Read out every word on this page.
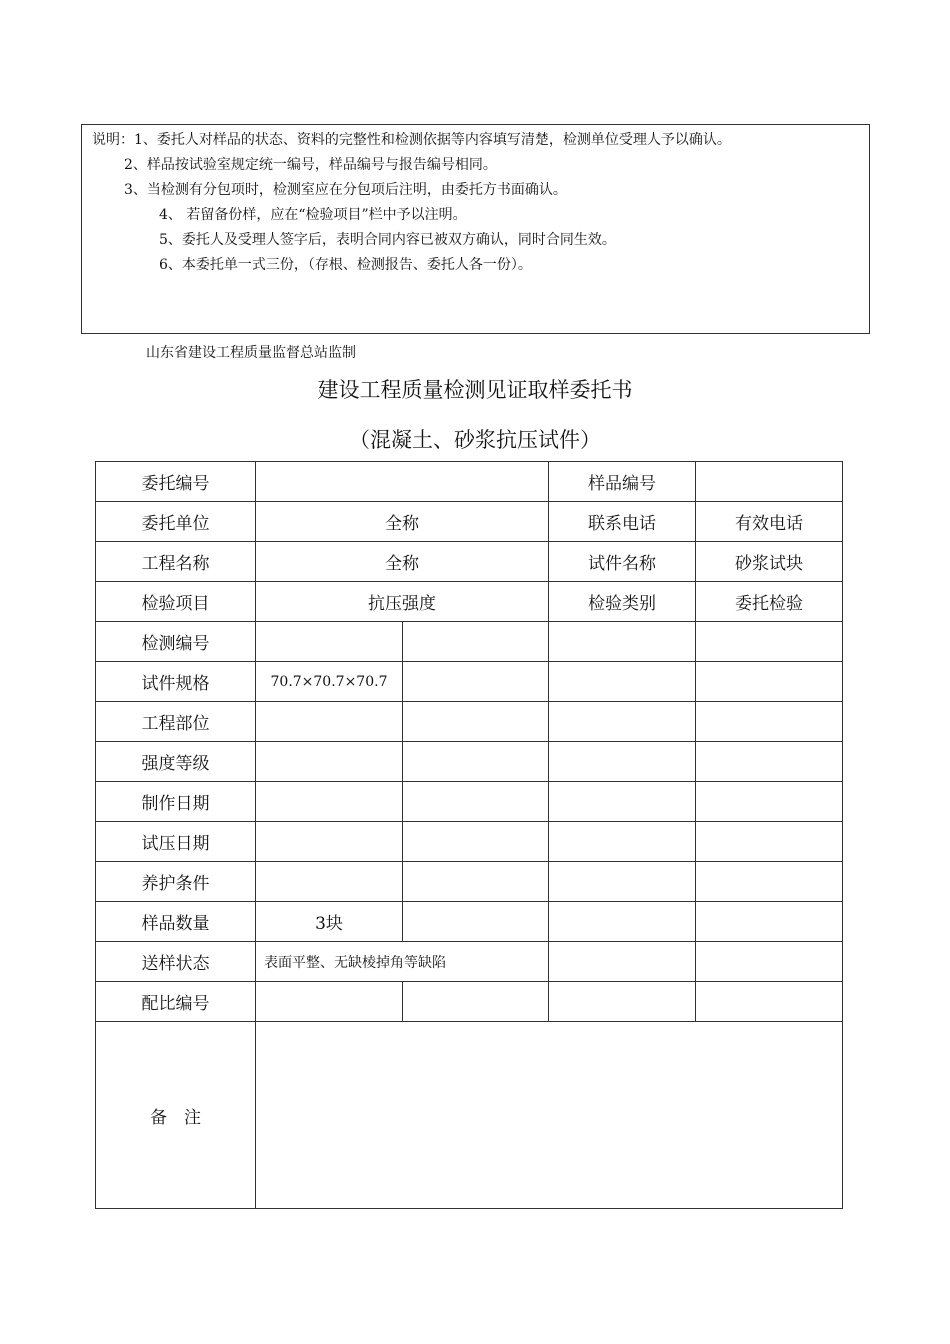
说明：1、委托人对样品的状态、资料的完整性和检测依据等内容填写清楚，检测单位受理人予以确认。
2、样品按试验室规定统一编号，样品编号与报告编号相同。
3、当检测有分包项时，检测室应在分包项后注明，由委托方书面确认。
4、 若留备份样，应在“检验项目”栏中予以注明。
5、委托人及受理人签字后，表明合同内容已被双方确认，同时合同生效。
6、本委托单一式三份，（存根、检测报告、委托人各一份）。
山东省建设工程质量监督总站监制
建设工程质量检测见证取样委托书
（混凝土、砂浆抗压试件）
委托编号			样品编号	
委托单位	全称		联系电话	有效电话
工程名称	全称		试件名称	砂浆试块
检验项目	抗压强度		检验类别	委托检验
检测编号				
试件规格	70.7×70.7×70.7			
工程部位				
强度等级				
制作日期				
试压日期				
养护条件				
样品数量	3块			
送样状态	表面平整、无缺棱掉角等缺陷			
配比编号				
备　注				
